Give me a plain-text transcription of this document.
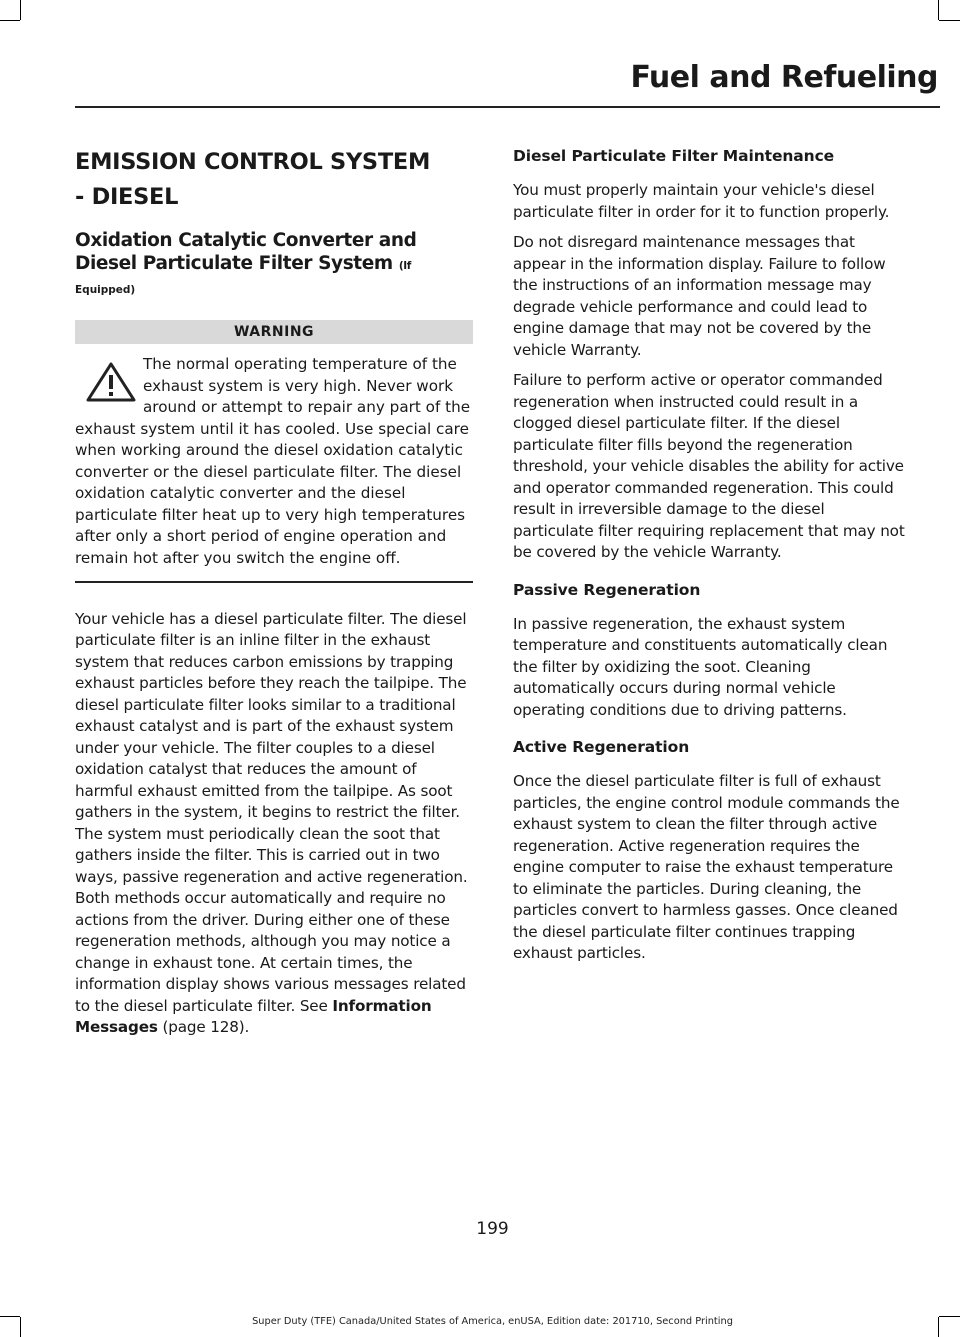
Fuel and Refueling
EMISSION CONTROL SYSTEM
- DIESEL
Oxidation Catalytic Converter and Diesel Particulate Filter System (If
Equipped)
WARNING
The normal operating temperature of the exhaust system is very high. Never work around or attempt to repair any part of the exhaust system until it has cooled. Use special care when working around the diesel oxidation catalytic converter or the diesel particulate filter. The diesel oxidation catalytic converter and the diesel particulate filter heat up to very high temperatures after only a short period of engine operation and remain hot after you switch the engine off.

Your vehicle has a diesel particulate filter. The diesel particulate filter is an inline filter in the exhaust system that reduces carbon emissions by trapping exhaust particles before they reach the tailpipe. The diesel particulate filter looks similar to a traditional exhaust catalyst and is part of the exhaust system under your vehicle. The filter couples to a diesel oxidation catalyst that reduces the amount of harmful exhaust emitted from the tailpipe. As soot gathers in the system, it begins to restrict the filter. The system must periodically clean the soot that gathers inside the filter. This is carried out in two ways, passive regeneration and active regeneration. Both methods occur automatically and require no actions from the driver. During either one of these regeneration methods, although you may notice a change in exhaust tone. At certain times, the information display shows various messages related to the diesel particulate filter. See Information Messages (page 128).

Diesel Particulate Filter Maintenance

You must properly maintain your vehicle's diesel particulate filter in order for it to function properly.

Do not disregard maintenance messages that appear in the information display. Failure to follow the instructions of an information message may degrade vehicle performance and could lead to engine damage that may not be covered by the vehicle Warranty.

Failure to perform active or operator commanded regeneration when instructed could result in a clogged diesel particulate filter. If the diesel particulate filter fills beyond the regeneration threshold, your vehicle disables the ability for active and operator commanded regeneration. This could result in irreversible damage to the diesel particulate filter requiring replacement that may not be covered by the vehicle Warranty.

Passive Regeneration

In passive regeneration, the exhaust system temperature and constituents automatically clean the filter by oxidizing the soot. Cleaning automatically occurs during normal vehicle operating conditions due to driving patterns.

Active Regeneration

Once the diesel particulate filter is full of exhaust particles, the engine control module commands the exhaust system to clean the filter through active regeneration. Active regeneration requires the engine computer to raise the exhaust temperature to eliminate the particles. During cleaning, the particles convert to harmless gasses. Once cleaned the diesel particulate filter continues trapping exhaust particles.

199
Super Duty (TFE) Canada/United States of America, enUSA, Edition date: 201710, Second Printing
